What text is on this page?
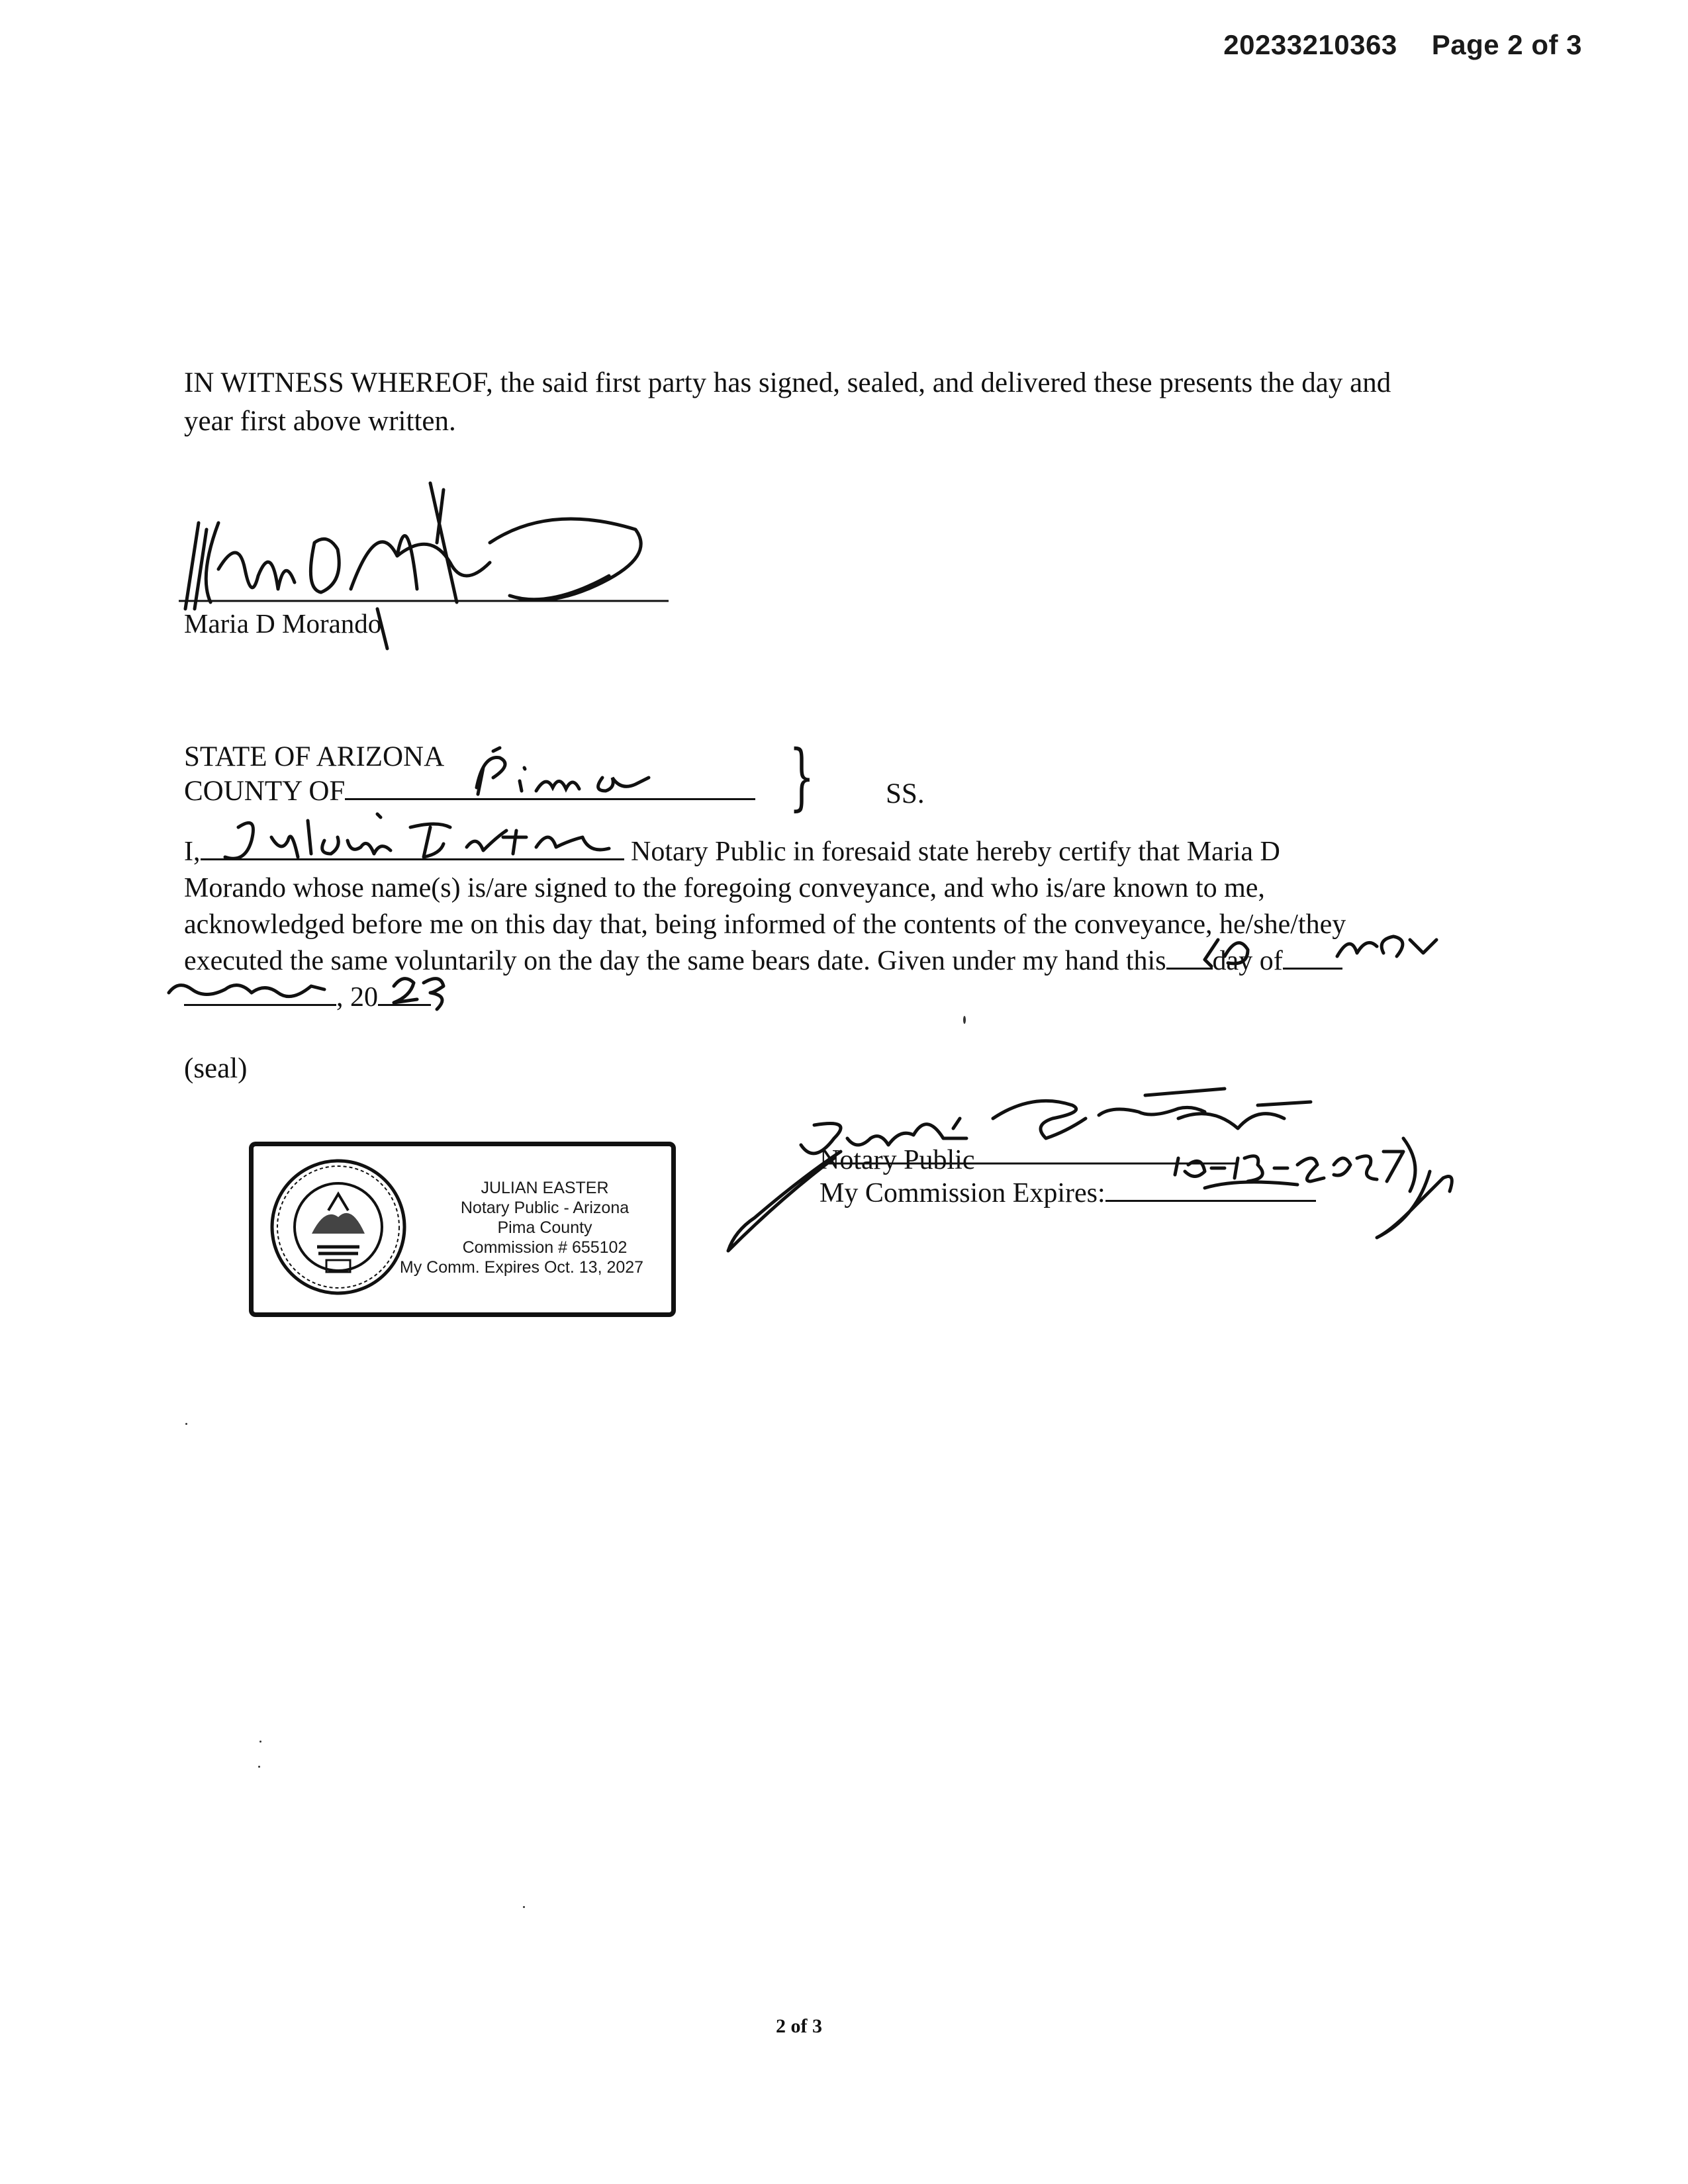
20233210363 Page 2 of 3
IN WITNESS WHEREOF, the said first party has signed, sealed, and delivered these presents the day and
year first above written.
Maria D Morando
STATE OF ARIZONA
COUNTY OF	}	SS.
I,	Notary Public in foresaid state hereby certify that Maria D
Morando whose name(s) is/are signed to the foregoing conveyance, and who is/are known to me,
acknowledged before me on this day that, being informed of the contents of the conveyance, he/she/they
executed the same voluntarily on the day the same bears date. Given under my hand this day of
, 20
(seal)
JULIAN EASTER
Notary Public - Arizona
Pima County
Commission # 655102
My Comm. Expires Oct. 13, 2027
Notary Public
My Commission Expires:
2 of 3
